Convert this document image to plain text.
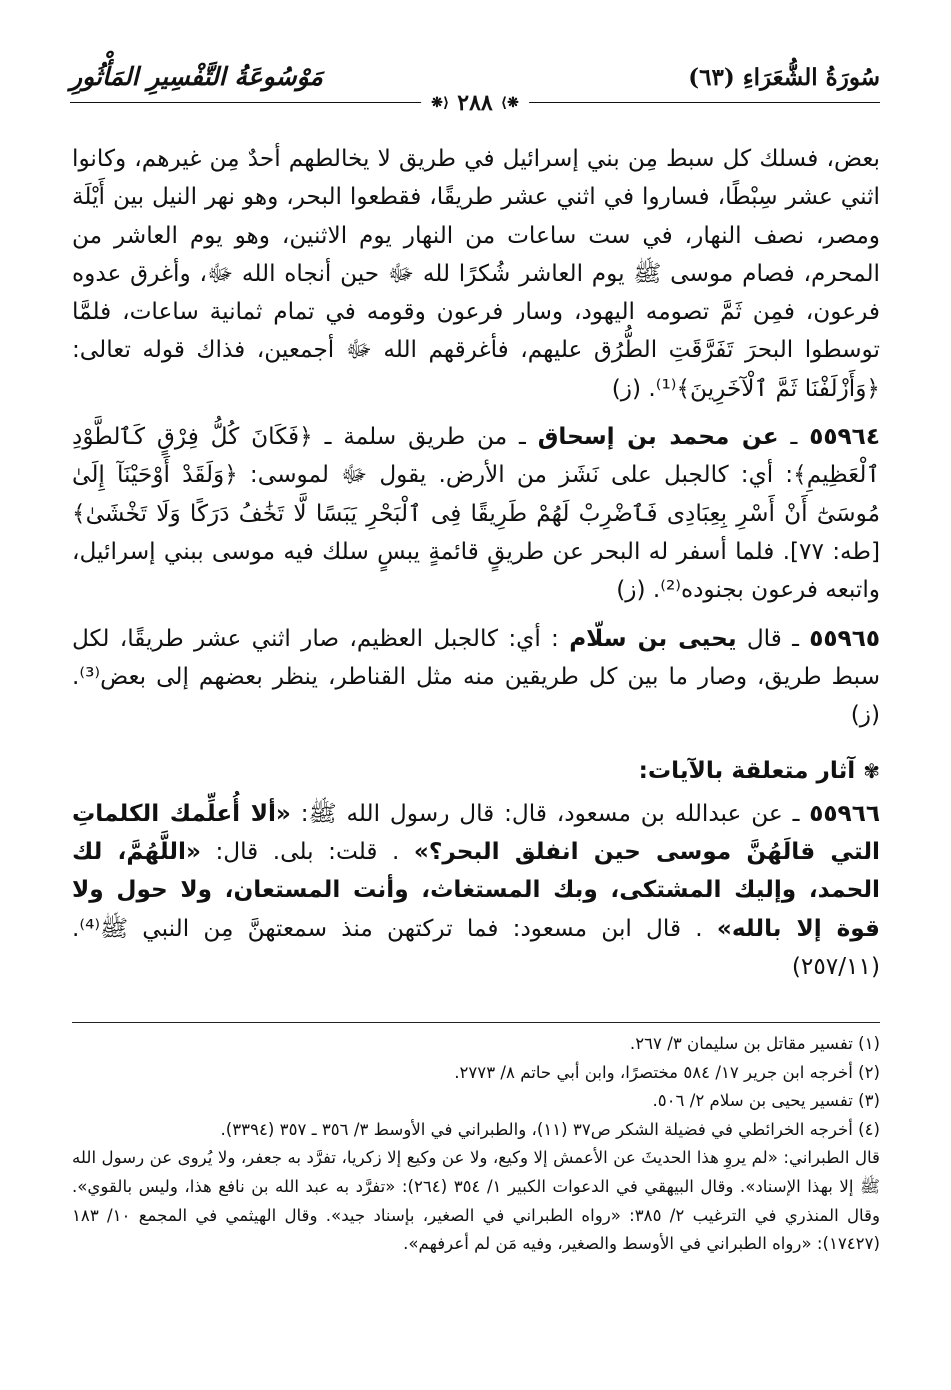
سُورَةُ الشُّعَرَاءِ (٦٣)
مَوْسُوعَةُ التَّفْسِيرِ المَأْثُورِ
❋⟩
٢٨٨
⟨❋

بعض، فسلك كل سبط مِن بني إسرائيل في طريق لا يخالطهم أحدٌ مِن غيرهم، وكانوا اثني عشر سِبْطًا، فساروا في اثني عشر طريقًا، فقطعوا البحر، وهو نهر النيل بين أَيْلَة ومصر، نصف النهار، في ست ساعات من النهار يوم الاثنين، وهو يوم العاشر من المحرم، فصام موسى ﷺ يوم العاشر شُكرًا لله ﷻ حين أنجاه الله ﷻ، وأغرق عدوه فرعون، فمِن ثَمَّ تصومه اليهود، وسار فرعون وقومه في تمام ثمانية ساعات، فلمَّا توسطوا البحرَ تَفَرَّقَتِ الطُّرُق عليهم، فأغرقهم الله ﷻ أجمعين، فذاك قوله تعالى: ﴿وَأَزْلَفْنَا ثَمَّ ٱلْآخَرِينَ﴾⁽¹⁾. (ز)

٥٥٩٦٤ ـ عن محمد بن إسحاق ـ من طريق سلمة ـ ﴿فَكَانَ كُلُّ فِرْقٍ كَٱلطَّوْدِ ٱلْعَظِيمِ﴾: أي: كالجبل على نَشَز من الأرض. يقول ﷻ لموسى: ﴿وَلَقَدْ أَوْحَيْنَآ إِلَىٰ مُوسَىٰٓ أَنْ أَسْرِ بِعِبَادِى فَٱضْرِبْ لَهُمْ طَرِيقًا فِى ٱلْبَحْرِ يَبَسًا لَّا تَخَٰفُ دَرَكًا وَلَا تَخْشَىٰ﴾ [طه: ٧٧]. فلما أسفر له البحر عن طريقٍ قائمةٍ يبسٍ سلك فيه موسى ببني إسرائيل، واتبعه فرعون بجنوده⁽²⁾. (ز)

٥٥٩٦٥ ـ قال يحيى بن سلّام : أي: كالجبل العظيم، صار اثني عشر طريقًا، لكل سبط طريق، وصار ما بين كل طريقين منه مثل القناطر، ينظر بعضهم إلى بعض⁽³⁾. (ز)

✾
آثار متعلقة بالآيات:

٥٥٩٦٦ ـ عن عبدالله بن مسعود، قال: قال رسول الله ﷺ: «ألا أُعلِّمك الكلماتِ التي قالَهُنَّ موسى حين انفلق البحر؟» . قلت: بلى. قال: «اللَّهُمَّ، لك الحمد، وإليك المشتكى، وبك المستغاث، وأنت المستعان، ولا حول ولا قوة إلا بالله» . قال ابن مسعود: فما تركتهن منذ سمعتهنَّ مِن النبي ﷺ⁽⁴⁾. (٢٥٧/١١)

(١) تفسير مقاتل بن سليمان ٣/ ٢٦٧.

(٢) أخرجه ابن جرير ١٧/ ٥٨٤ مختصرًا، وابن أبي حاتم ٨/ ٢٧٧٣.

(٣) تفسير يحيى بن سلام ٢/ ٥٠٦.

(٤) أخرجه الخرائطي في فضيلة الشكر ص٣٧ (١١)، والطبراني في الأوسط ٣/ ٣٥٦ ـ ٣٥٧ (٣٣٩٤).

قال الطبراني: «لم يروِ هذا الحديثَ عن الأعمش إلا وكيع، ولا عن وكيع إلا زكريا، تفرَّد به جعفر، ولا يُروى عن رسول الله ﷺ إلا بهذا الإسناد». وقال البيهقي في الدعوات الكبير ١/ ٣٥٤ (٢٦٤): «تفرَّد به عبد الله بن نافع هذا، وليس بالقوي». وقال المنذري في الترغيب ٢/ ٣٨٥: «رواه الطبراني في الصغير، بإسناد جيد». وقال الهيثمي في المجمع ١٠/ ١٨٣ (١٧٤٢٧): «رواه الطبراني في الأوسط والصغير، وفيه مَن لم أعرفهم».
